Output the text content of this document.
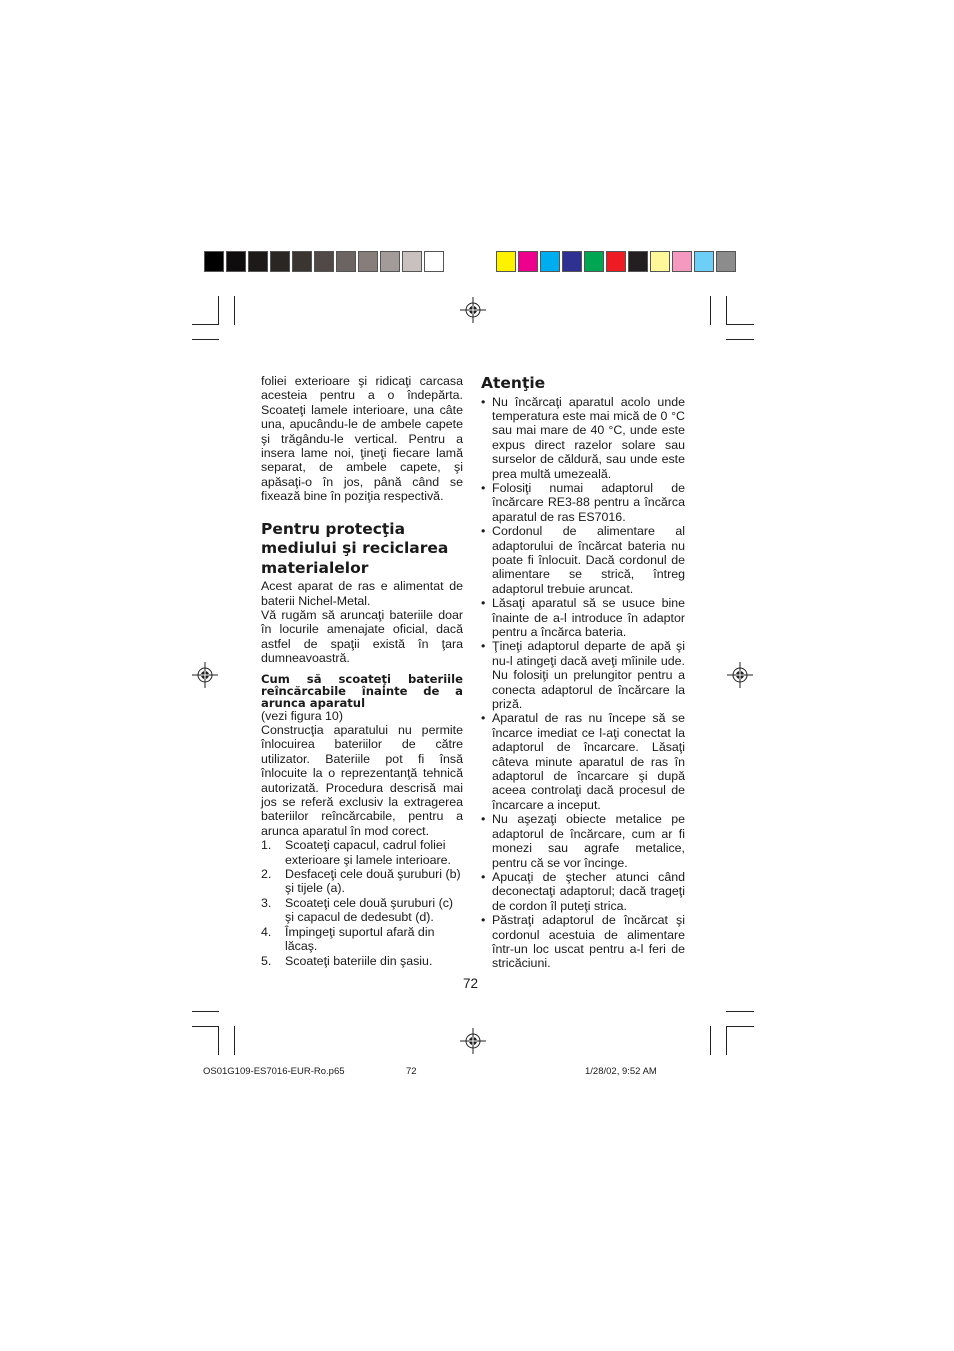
foliei exterioare şi ridicaţi carcasa acesteia pentru a o îndepărta. Scoateţi lamele interioare, una câte una, apucându-le de ambele capete şi trăgându-le vertical. Pentru a insera lame noi, ţineţi fiecare lamă separat, de ambele capete, şi apăsaţi-o în jos, până când se fixează bine în poziţia respectivă.

Pentru protecţia mediului şi reciclarea materialelor

Acest aparat de ras e alimentat de baterii Nichel-Metal.

Vă rugăm să aruncaţi bateriile doar în locurile amenajate oficial, dacă astfel de spaţii există în ţara dumneavoastră.

Cum să scoateţi bateriile reîncărcabile înainte de a arunca aparatul

(vezi figura 10)

Construcţia aparatului nu permite înlocuirea bateriilor de către utilizator. Bateriile pot fi însă înlocuite la o reprezentanţă tehnică autorizată. Procedura descrisă mai jos se referă exclusiv la extragerea bateriilor reîncărcabile, pentru a arunca aparatul în mod corect.

1. Scoateţi capacul, cadrul foliei exterioare şi lamele interioare.
2. Desfaceţi cele două şuruburi (b) şi tijele (a).
3. Scoateţi cele două şuruburi (c) şi capacul de dedesubt (d).
4. Împingeţi suportul afară din lăcaş.
5. Scoateţi bateriile din şasiu.
Atenţie
• Nu încărcaţi aparatul acolo unde temperatura este mai mică de 0 °C sau mai mare de 40 °C, unde este expus direct razelor solare sau surselor de căldură, sau unde este prea multă umezeală.
• Folosiţi numai adaptorul de încărcare RE3-88 pentru a încărca aparatul de ras ES7016.
• Cordonul de alimentare al adaptorului de încărcat bateria nu poate fi înlocuit. Dacă cordonul de alimentare se strică, întreg adaptorul trebuie aruncat.
• Lăsaţi aparatul să se usuce bine înainte de a-l introduce în adaptor pentru a încărca bateria.
• Ţineţi adaptorul departe de apă şi nu-l atingeţi dacă aveţi mîinile ude. Nu folosiţi un prelungitor pentru a conecta adaptorul de încărcare la priză.
• Aparatul de ras nu începe să se încarce imediat ce l-aţi conectat la adaptorul de încarcare. Lăsaţi câteva minute aparatul de ras în adaptorul de încarcare şi după aceea controlaţi dacă procesul de încarcare a inceput.
• Nu aşezaţi obiecte metalice pe adaptorul de încărcare, cum ar fi monezi sau agrafe metalice, pentru că se vor încinge.
• Apucaţi de ştecher atunci când deconectaţi adaptorul; dacă trageţi de cordon îl puteţi strica.
• Păstraţi adaptorul de încărcat şi cordonul acestuia de alimentare într-un loc uscat pentru a-l feri de stricăciuni.
72
OS01G109-ES7016-EUR-Ro.p65	72	1/28/02, 9:52 AM
